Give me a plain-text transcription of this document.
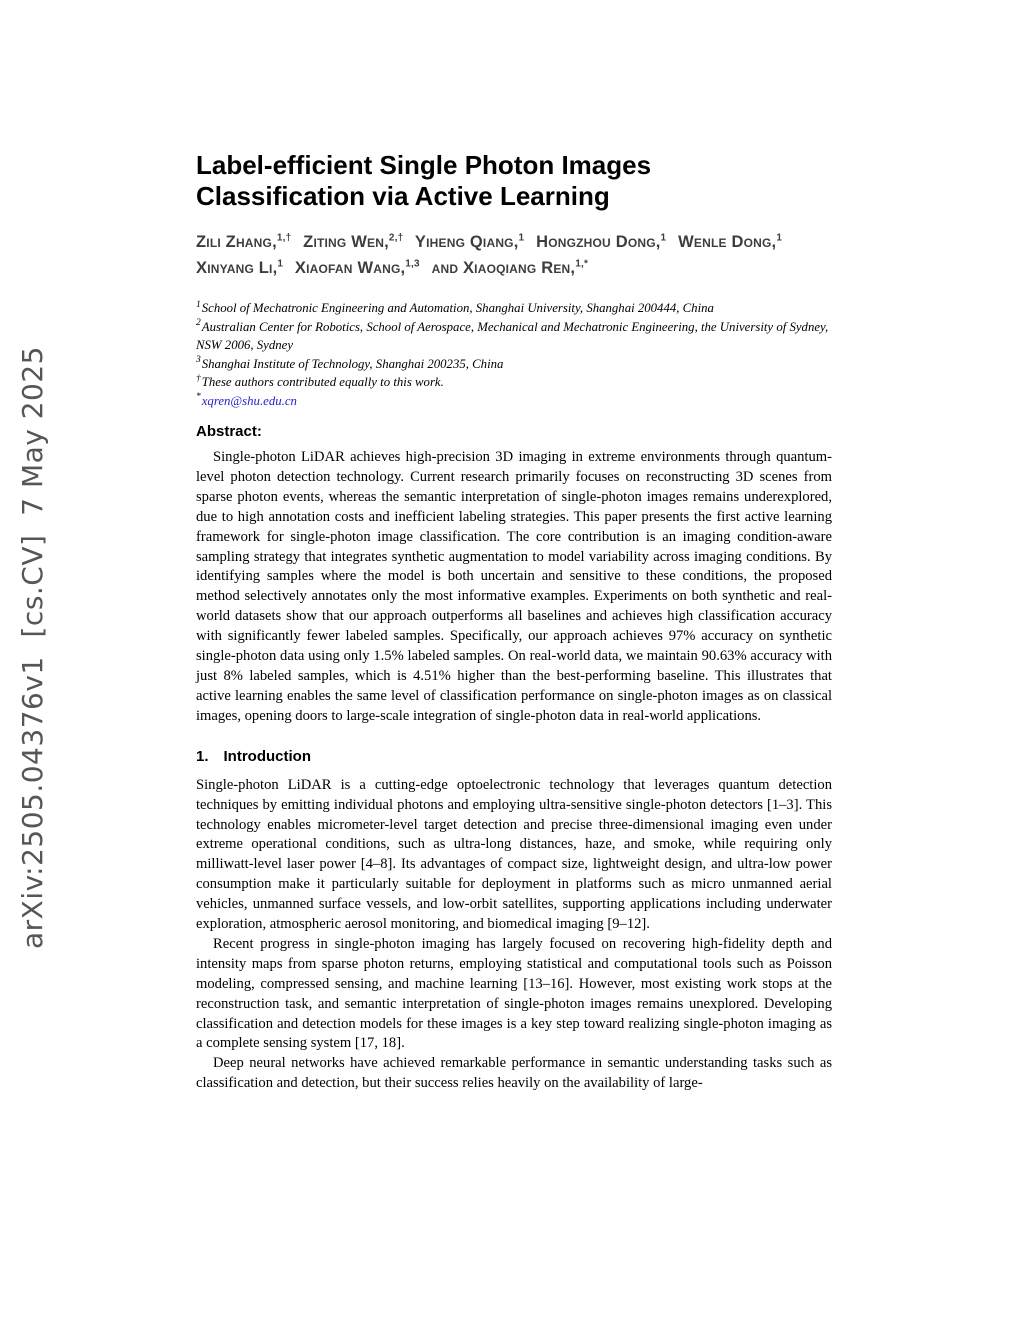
arXiv:2505.04376v1  [cs.CV]  7 May 2025
Label-efficient Single Photon Images
Classification via Active Learning

Zili Zhang,$^{1,\dagger}$ Ziting Wen,$^{2,\dagger}$ Yiheng Qiang,$^1$ Hongzhou Dong,$^1$ Wenle Dong,$^1$ Xinyang Li,$^1$ Xiaofan Wang,$^{1,3}$ and Xiaoqiang Ren,$^{1,*}$

$^1$School of Mechatronic Engineering and Automation, Shanghai University, Shanghai 200444, China
$^2$Australian Center for Robotics, School of Aerospace, Mechanical and Mechatronic Engineering, the University of Sydney, NSW 2006, Sydney
$^3$Shanghai Institute of Technology, Shanghai 200235, China
†These authors contributed equally to this work.
*xqren@shu.edu.cn
Abstract:

Single-photon LiDAR achieves high-precision 3D imaging in extreme environments through quantum-level photon detection technology. Current research primarily focuses on reconstructing 3D scenes from sparse photon events, whereas the semantic interpretation of single-photon images remains underexplored, due to high annotation costs and inefficient labeling strategies. This paper presents the first active learning framework for single-photon image classification. The core contribution is an imaging condition-aware sampling strategy that integrates synthetic augmentation to model variability across imaging conditions. By identifying samples where the model is both uncertain and sensitive to these conditions, the proposed method selectively annotates only the most informative examples. Experiments on both synthetic and real-world datasets show that our approach outperforms all baselines and achieves high classification accuracy with significantly fewer labeled samples. Specifically, our approach achieves 97% accuracy on synthetic single-photon data using only 1.5% labeled samples. On real-world data, we maintain 90.63% accuracy with just 8% labeled samples, which is 4.51% higher than the best-performing baseline. This illustrates that active learning enables the same level of classification performance on single-photon images as on classical images, opening doors to large-scale integration of single-photon data in real-world applications.

1. Introduction

Single-photon LiDAR is a cutting-edge optoelectronic technology that leverages quantum detection techniques by emitting individual photons and employing ultra-sensitive single-photon detectors [1–3]. This technology enables micrometer-level target detection and precise three-dimensional imaging even under extreme operational conditions, such as ultra-long distances, haze, and smoke, while requiring only milliwatt-level laser power [4–8]. Its advantages of compact size, lightweight design, and ultra-low power consumption make it particularly suitable for deployment in platforms such as micro unmanned aerial vehicles, unmanned surface vessels, and low-orbit satellites, supporting applications including underwater exploration, atmospheric aerosol monitoring, and biomedical imaging [9–12].

Recent progress in single-photon imaging has largely focused on recovering high-fidelity depth and intensity maps from sparse photon returns, employing statistical and computational tools such as Poisson modeling, compressed sensing, and machine learning [13–16]. However, most existing work stops at the reconstruction task, and semantic interpretation of single-photon images remains unexplored. Developing classification and detection models for these images is a key step toward realizing single-photon imaging as a complete sensing system [17, 18].

Deep neural networks have achieved remarkable performance in semantic understanding tasks such as classification and detection, but their success relies heavily on the availability of large-
